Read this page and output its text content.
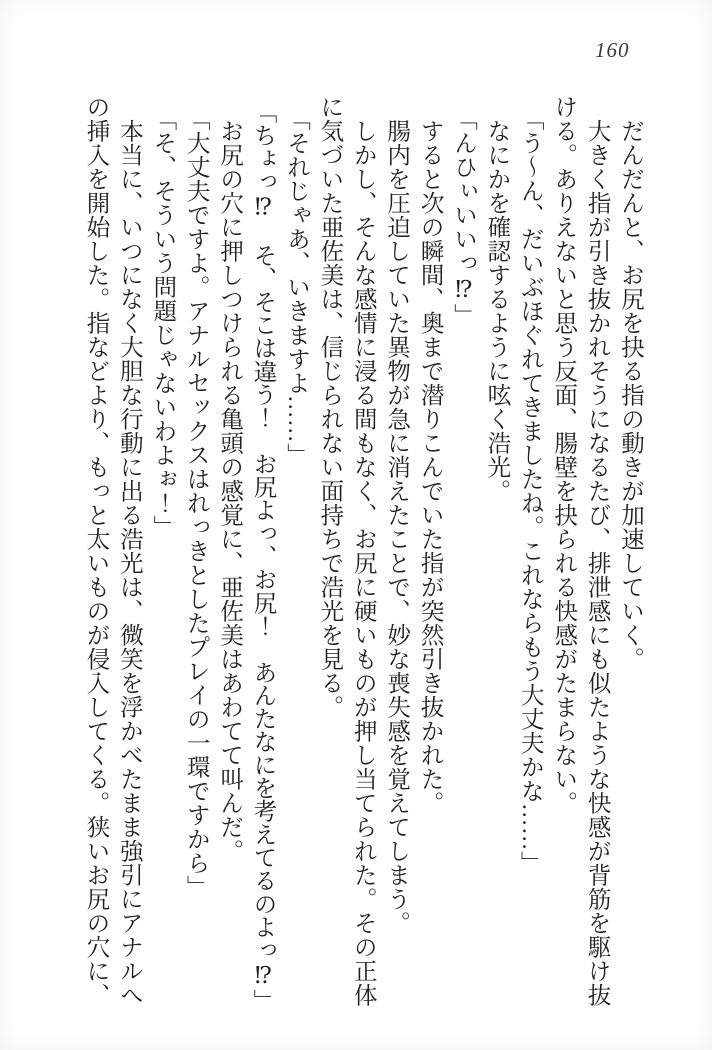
160

だんだんと、お尻を抉る指の動きが加速していく。

大きく指が引き抜かれそうになるたび、排泄感にも似たような快感が背筋を駆け抜ける。ありえないと思う反面、腸壁を抉られる快感がたまらない。

「う～ん、だいぶほぐれてきましたね。これならもう大丈夫かな……」

なにかを確認するように呟く浩光。

「んひぃいいっ⁉」

すると次の瞬間、奥まで潜りこんでいた指が突然引き抜かれた。

腸内を圧迫していた異物が急に消えたことで、妙な喪失感を覚えてしまう。

しかし、そんな感情に浸る間もなく、お尻に硬いものが押し当てられた。その正体に気づいた亜佐美は、信じられない面持ちで浩光を見る。

「それじゃあ、いきますよ……」

「ちょっ⁉　そ、そこは違う！　お尻よっ、お尻！　あんたなにを考えてるのよっ⁉」

お尻の穴に押しつけられる亀頭の感覚に、亜佐美はあわてて叫んだ。

「大丈夫ですよ。アナルセックスはれっきとしたプレイの一環ですから」

「そ、そういう問題じゃないわよぉ！」

本当に、いつになく大胆な行動に出る浩光は、微笑を浮かべたまま強引にアナルへの挿入を開始した。指などより、もっと太いものが侵入してくる。狭いお尻の穴に、
